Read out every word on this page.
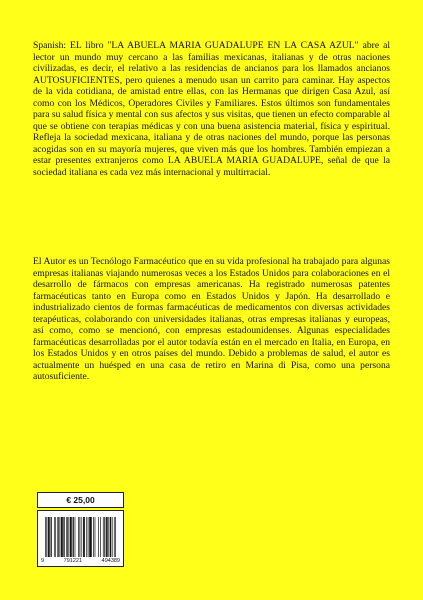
Spanish: EL libro "LA ABUELA MARIA GUADALUPE EN LA CASA AZUL" abre al lector un mundo muy cercano a las familias mexicanas, italianas y de otras naciones civilizadas, es decir, el relativo a las residencias de ancianos para los llamados ancianos AUTOSUFICIENTES, pero quienes a menudo usan un carrito para caminar. Hay aspectos de la vida cotidiana, de amistad entre ellas, con las Hermanas que dirigen Casa Azul, así como con los Médicos, Operadores Civiles y Familiares. Estos últimos son fundamentales para su salud física y mental con sus afectos y sus visitas, que tienen un efecto comparable al que se obtiene con terapias médicas y con una buena asistencia material, física y espiritual. Refleja la sociedad mexicana, italiana y de otras naciones del mundo, porque las personas acogidas son en su mayoría mujeres, que viven más que los hombres. También empiezan a estar presentes extranjeros como LA ABUELA MARIA GUADALUPE, señal de que la sociedad italiana es cada vez más internacional y multirracial.

El Autor es un Tecnólogo Farmacéutico que en su vida profesional ha trabajado para algunas empresas italianas viajando numerosas veces a los Estados Unidos para colaboraciones en el desarrollo de fármacos con empresas americanas. Ha registrado numerosas patentes farmacéuticas tanto en Europa como en Estados Unidos y Japón. Ha desarrollado e industrializado cientos de formas farmacéuticas de medicamentos con diversas actividades terapéuticas, colaborando con universidades italianas, otras empresas italianas y europeas, así como, como se mencionó, con empresas estadounidenses. Algunas especialidades farmacéuticas desarrolladas por el autor todavía están en el mercado en Italia, en Europa, en los Estados Unidos y en otros países del mundo. Debido a problemas de salud, el autor es actualmente un huésped en una casa de retiro en Marina di Pisa, como una persona autosuficiente.

€ 25,00
9	791221	494389
